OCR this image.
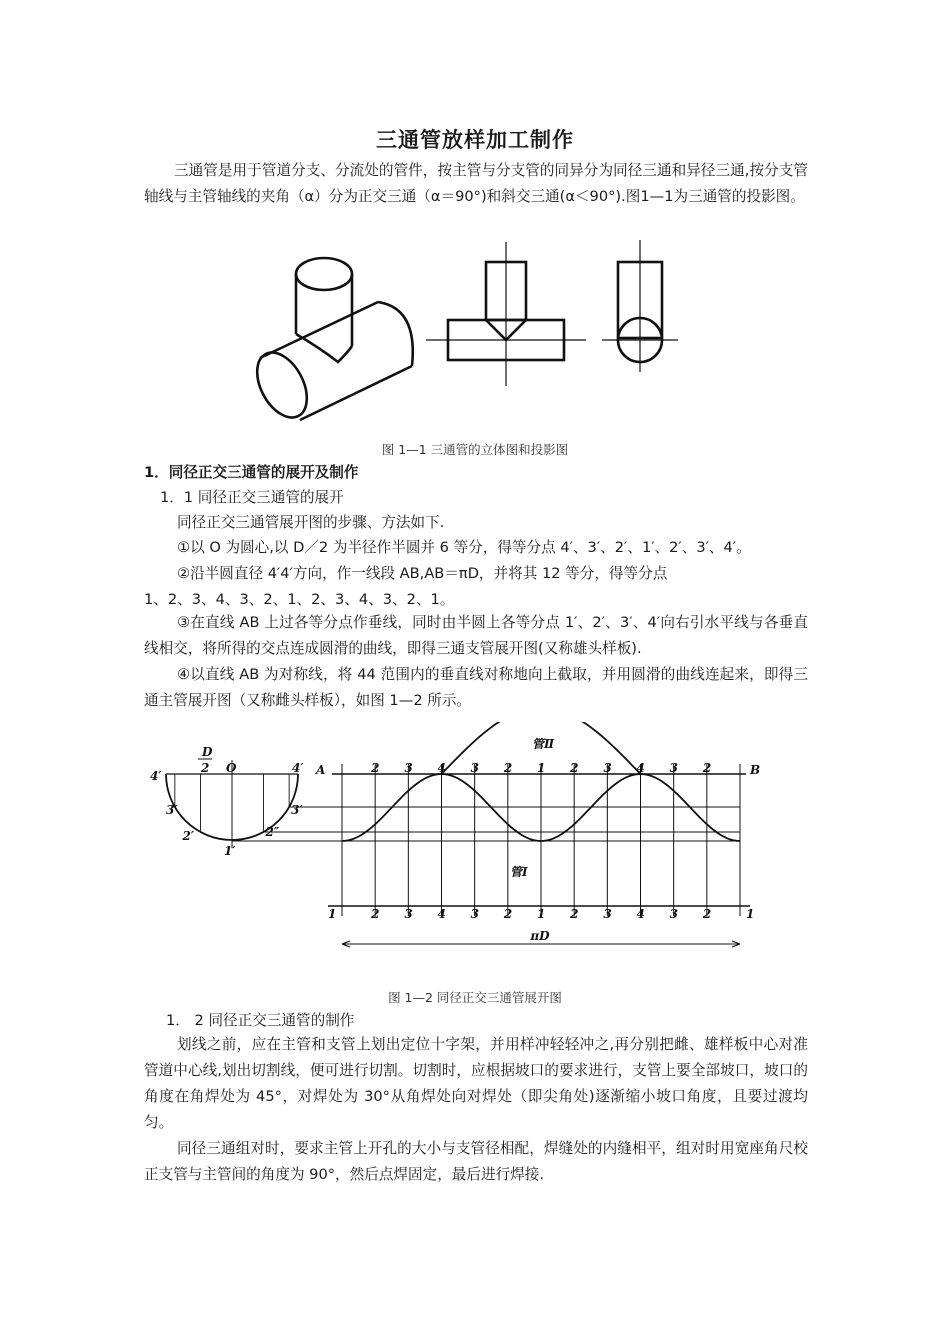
三通管放样加工制作
三通管是用于管道分支、分流处的管件，按主管与分支管的同异分为同径三通和异径三通,按分支管轴线与主管轴线的夹角（α）分为正交三通（α＝90°)和斜交三通(α＜90°).图1—1为三通管的投影图。
图 1—1 三通管的立体图和投影图
1．同径正交三通管的展开及制作
1．1 同径正交三通管的展开
同径正交三通管展开图的步骤、方法如下.
①以 O 为圆心,以 D／2 为半径作半圆并 6 等分，得等分点 4′、3′、2′、1′、2′、3′、4′。
②沿半圆直径 4′4′方向，作一线段 AB,AB＝πD，并将其 12 等分，得等分点
1、2、3、4、3、2、1、2、3、4、3、2、1。
③在直线 AB 上过各等分点作垂线，同时由半圆上各等分点 1′、2′、3′、4′向右引水平线与各垂直线相交，将所得的交点连成圆滑的曲线，即得三通支管展开图(又称雄头样板).
④以直线 AB 为对称线，将 44 范围内的垂直线对称地向上截取，并用圆滑的曲线连起来，即得三通主管展开图（又称雌头样板），如图 1—2 所示。
4′
3′
2′
1′
4′
3′
2″
D
2 O	A	B
2 3 4 3 2 1 2 3 4 3 2
1	2 3 4 3 2 1 2 3 4 3 2	1
管Ⅱ
管Ⅰ
πD
图 1—2 同径正交三通管展开图
1． 2 同径正交三通管的制作
划线之前，应在主管和支管上划出定位十字架，并用样冲轻轻冲之,再分别把雌、雄样板中心对准管道中心线,划出切割线，便可进行切割。切割时，应根据坡口的要求进行，支管上要全部坡口，坡口的角度在角焊处为 45°，对焊处为 30°从角焊处向对焊处（即尖角处)逐渐缩小坡口角度，且要过渡均匀。
同径三通组对时，要求主管上开孔的大小与支管径相配，焊缝处的内缝相平，组对时用宽座角尺校正支管与主管间的角度为 90°，然后点焊固定，最后进行焊接.
